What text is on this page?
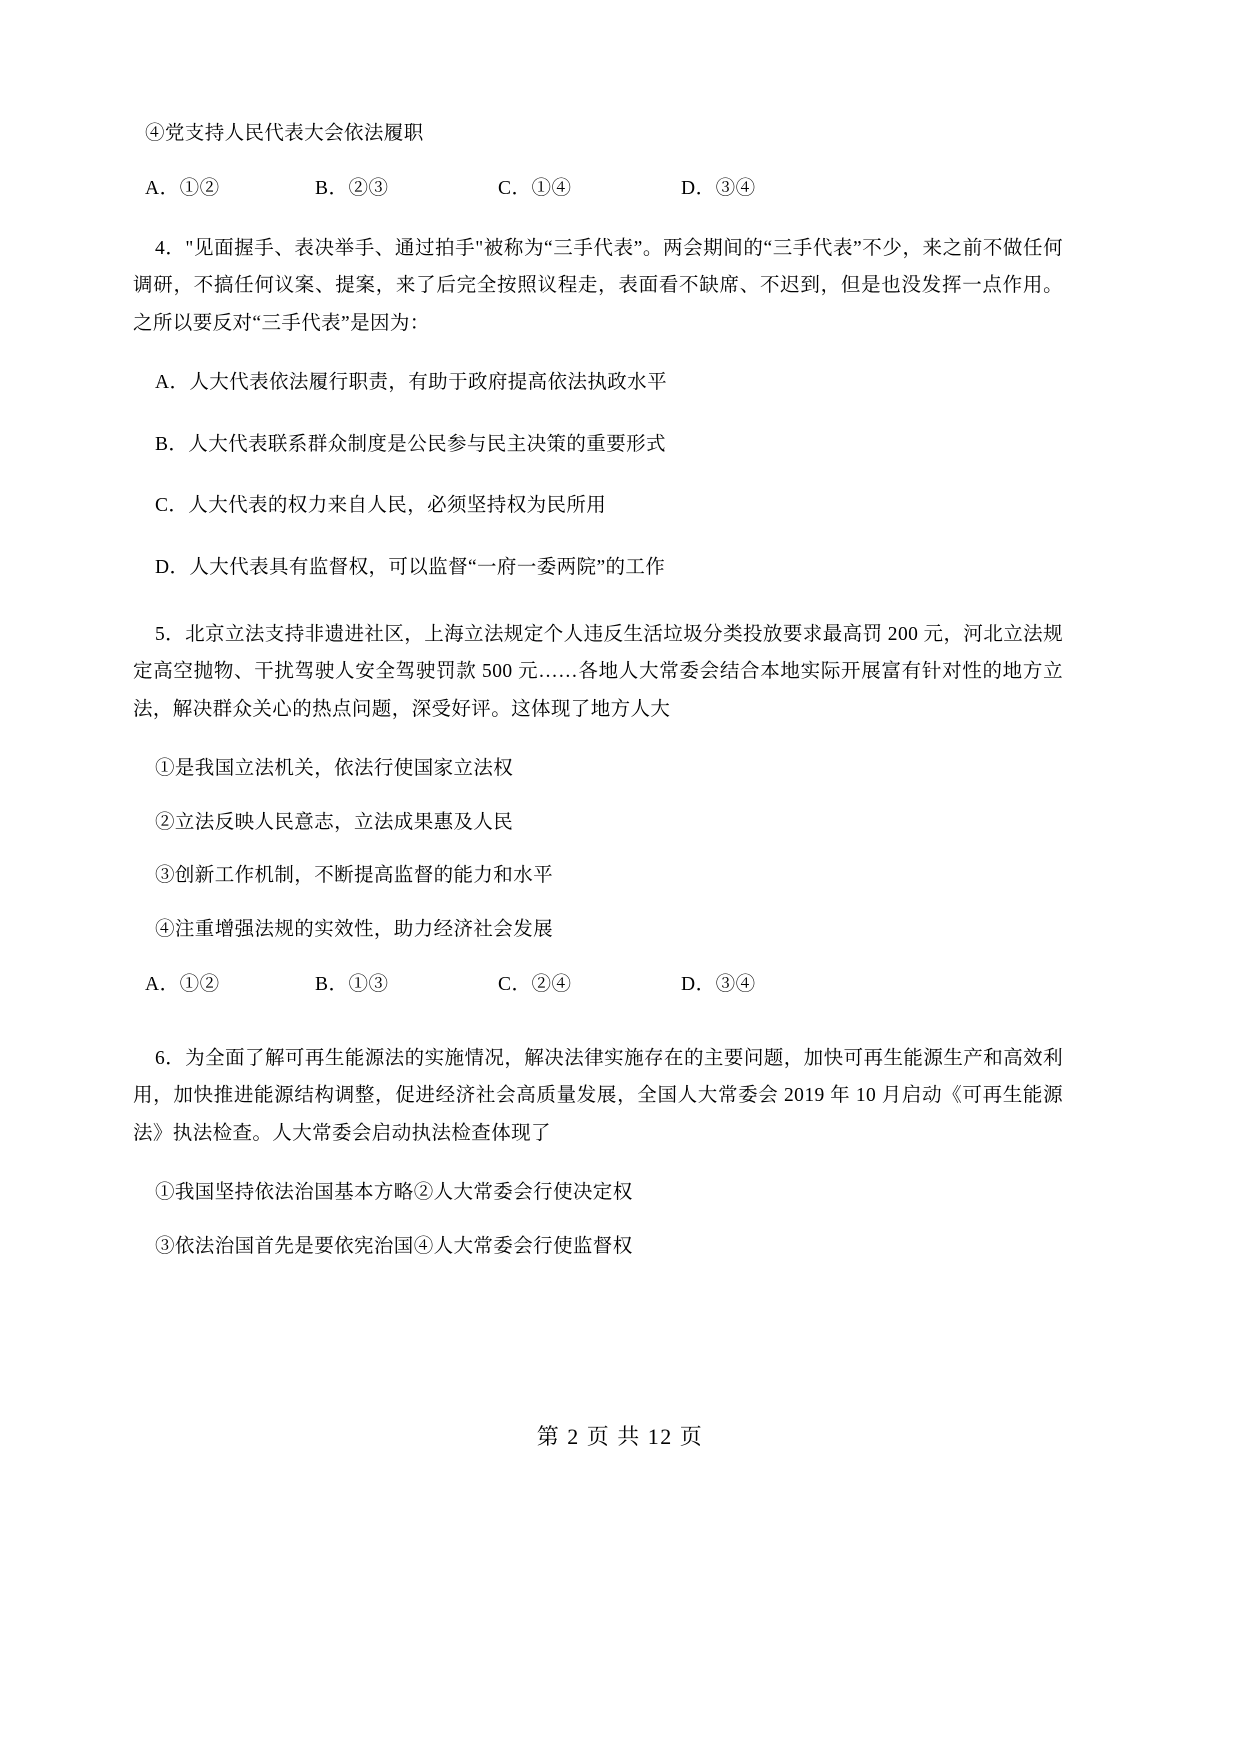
④党支持人民代表大会依法履职

A．①②	B．②③	C．①④	D．③④

4．"见面握手、表决举手、通过拍手"被称为“三手代表”。两会期间的“三手代表”不少，来之前不做任何调研，不搞任何议案、提案，来了后完全按照议程走，表面看不缺席、不迟到，但是也没发挥一点作用。之所以要反对“三手代表”是因为：

A．人大代表依法履行职责，有助于政府提高依法执政水平

B．人大代表联系群众制度是公民参与民主决策的重要形式

C．人大代表的权力来自人民，必须坚持权为民所用

D．人大代表具有监督权，可以监督“一府一委两院”的工作

5．北京立法支持非遗进社区，上海立法规定个人违反生活垃圾分类投放要求最高罚 200 元，河北立法规定高空抛物、干扰驾驶人安全驾驶罚款 500 元……各地人大常委会结合本地实际开展富有针对性的地方立法，解决群众关心的热点问题，深受好评。这体现了地方人大

①是我国立法机关，依法行使国家立法权

②立法反映人民意志，立法成果惠及人民

③创新工作机制，不断提高监督的能力和水平

④注重增强法规的实效性，助力经济社会发展

A．①②	B．①③	C．②④	D．③④

6．为全面了解可再生能源法的实施情况，解决法律实施存在的主要问题，加快可再生能源生产和高效利用，加快推进能源结构调整，促进经济社会高质量发展，全国人大常委会 2019 年 10 月启动《可再生能源法》执法检查。人大常委会启动执法检查体现了

①我国坚持依法治国基本方略②人大常委会行使决定权

③依法治国首先是要依宪治国④人大常委会行使监督权

第 2 页 共 12 页
